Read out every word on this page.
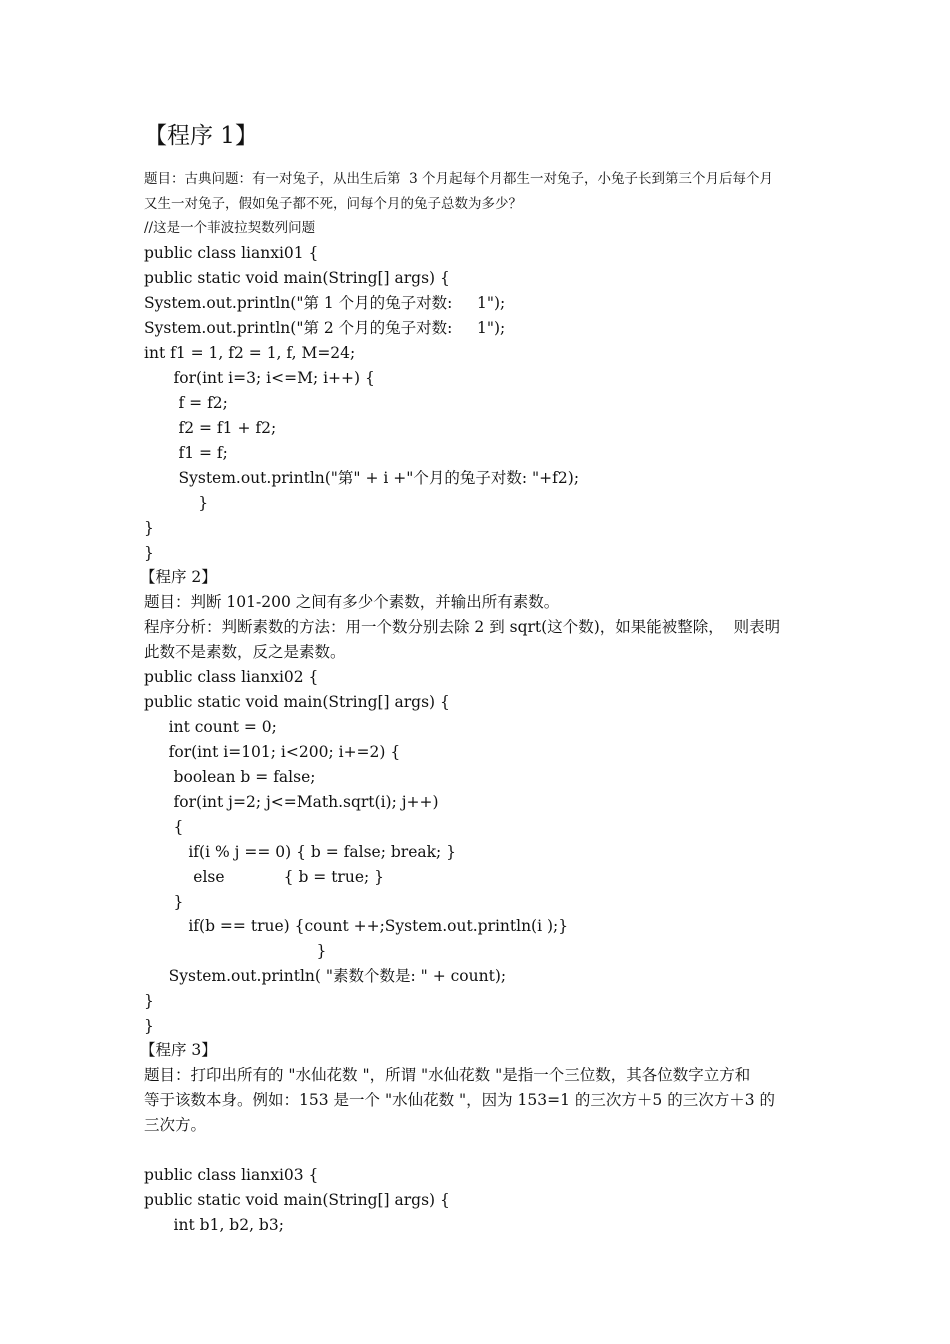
【程序 1】
题目：古典问题：有一对兔子，从出生后第  3 个月起每个月都生一对兔子，小兔子长到第三个月后每个月
又生一对兔子，假如兔子都不死，问每个月的兔子总数为多少？
//这是一个菲波拉契数列问题
public class lianxi01 {
public static void main(String[] args) {
System.out.println("第 1 个月的兔子对数:     1");
System.out.println("第 2 个月的兔子对数:     1");
int f1 = 1, f2 = 1, f, M=24;
for(int i=3; i<=M; i++) {
f = f2;
f2 = f1 + f2;
f1 = f;
System.out.println("第" + i +"个月的兔子对数: "+f2);
}
}
}
【程序 2】
题目：判断 101-200 之间有多少个素数，并输出所有素数。
程序分析：判断素数的方法：用一个数分别去除 2 到 sqrt(这个数)，如果能被整除，  则表明
此数不是素数，反之是素数。
public class lianxi02 {
public static void main(String[] args) {
int count = 0;
for(int i=101; i<200; i+=2) {
boolean b = false;
for(int j=2; j<=Math.sqrt(i); j++)
{
if(i % j == 0) { b = false; break; }
else            { b = true; }
}
if(b == true) {count ++;System.out.println(i );}
}
System.out.println( "素数个数是: " + count);
}
}
【程序 3】
题目：打印出所有的 "水仙花数 "，所谓 "水仙花数 "是指一个三位数，其各位数字立方和
等于该数本身。例如：153 是一个 "水仙花数 "，因为 153=1 的三次方＋5 的三次方＋3 的
三次方。
public class lianxi03 {
public static void main(String[] args) {
int b1, b2, b3;
